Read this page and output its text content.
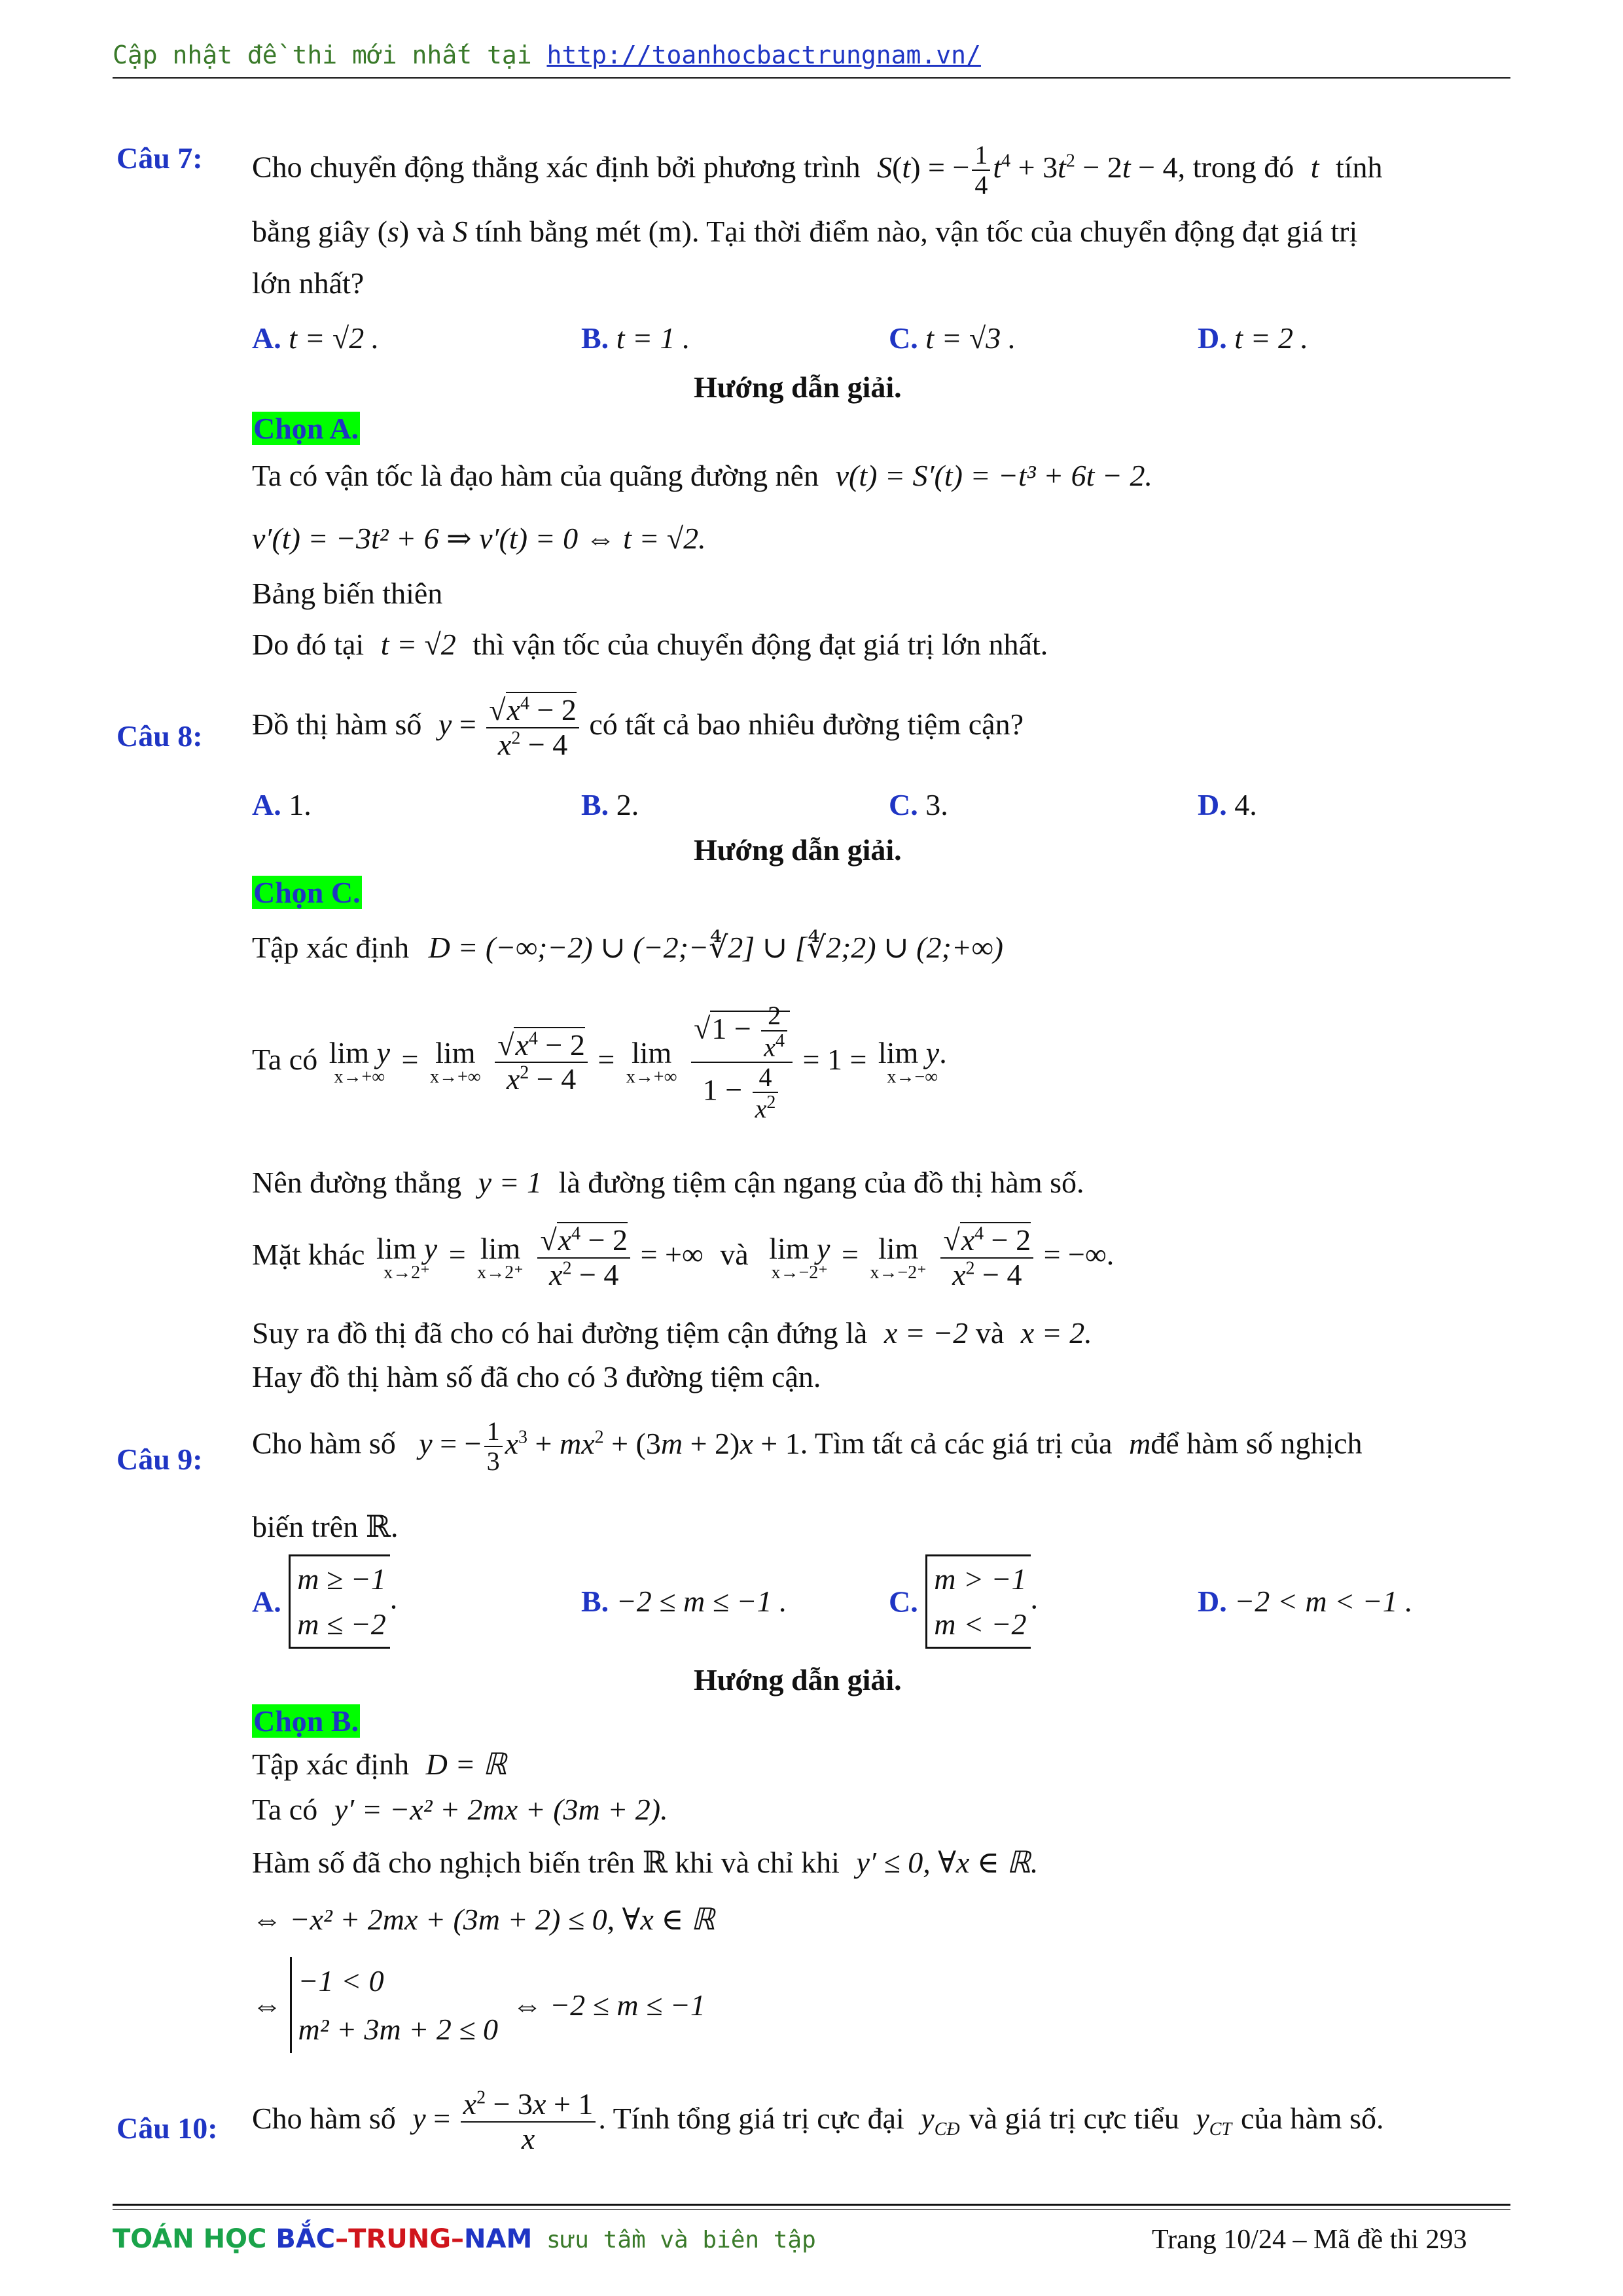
Cập nhật đề thi mới nhất tại http://toanhocbactrungnam.vn/
Câu 7: Cho chuyển động thẳng xác định bởi phương trình S(t) = − $\frac{1}{4} t^4 + 3t^2 - 2t - 4$, trong đó t tính
bằng giây (s) và S tính bằng mét (m). Tại thời điểm nào, vận tốc của chuyển động đạt giá trị
lớn nhất?
A. t = √2 .	B. t = 1 .	C. t = √3 .	D. t = 2 .
Hướng dẫn giải.
Chọn A.
Ta có vận tốc là đạo hàm của quãng đường nên v(t) = S′(t) = −t³ + 6t − 2.
v′(t) = −3t² + 6 ⇒ v′(t) = 0 ⇔ t = √2.
Bảng biến thiên
Do đó tại t = √2 thì vận tốc của chuyển động đạt giá trị lớn nhất.
Câu 8: Đồ thị hàm số $y = \frac{√x^4 - 2}{x^2 - 4}$ có tất cả bao nhiêu đường tiệm cận?
A. 1.	B. 2.	C. 3.	D. 4.
Hướng dẫn giải.
Chọn C.
Tập xác định D = (−∞;−2) ∪ (−2;−∜2] ∪ [∜2;2) ∪ (2;+∞)
Ta có lim y
x→+∞
= lim
x→+∞
$\frac{√x^4 - 2}{x^2 - 4} = \lim$
x→+∞
$\frac{√1 - \frac{2}{x^4}}{1 - \frac{4}{x^2}} = 1 = \lim y$.
x→−∞
Nên đường thẳng y = 1 là đường tiệm cận ngang của đồ thị hàm số.
Mặt khác lim y
x→2⁺
= lim
x→2⁺
$\frac{√x^4 - 2}{x^2 - 4}$ = +∞ và lim y
x→−2⁺
= lim
x→−2⁺
$\frac{√x^4 - 2}{x^2 - 4}$ = −∞.
Suy ra đồ thị đã cho có hai đường tiệm cận đứng là x = −2 và x = 2.
Hay đồ thị hàm số đã cho có 3 đường tiệm cận.
Câu 9: Cho hàm số y = − $\frac{1}{3} x^3 + mx^2 + (3m + 2)x + 1$. Tìm tất cả các giá trị của mđể hàm số nghịch
biến trên ℝ.
A. m ≥ −1
m ≤ −2.	B. −2 ≤ m ≤ −1 .	C. m > −1
m < −2.	D. −2 < m < −1 .
Hướng dẫn giải.
Chọn B.
Tập xác định D = ℝ
Ta có y′ = −x² + 2mx + (3m + 2).
Hàm số đã cho nghịch biến trên ℝ khi và chỉ khi y′ ≤ 0, ∀x ∈ ℝ.
⇔ −x² + 2mx + (3m + 2) ≤ 0, ∀x ∈ ℝ
⇔ −1 < 0
m² + 3m + 2 ≤ 0 ⇔ −2 ≤ m ≤ −1
Câu 10: Cho hàm số $y = \frac{x^2 - 3x + 1}{x}$ . Tính tổng giá trị cực đại $y_{CĐ}$ và giá trị cực tiểu $y_{CT}$ của hàm số.
TOÁN HỌC BẮC–TRUNG–NAM sưu tầm và biên tập	Trang 10/24 – Mã đề thi 293
